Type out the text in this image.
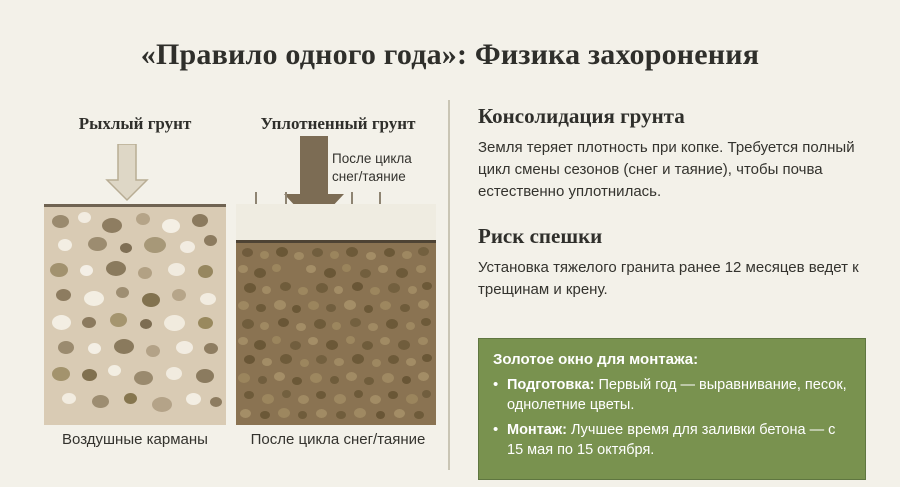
«Правило одного года»: Физика захоронения
Рыхлый грунт	Уплотненный грунт
После цикла снег/таяние
Воздушные карманы	После цикла снег/таяние
Консолидация грунта

Земля теряет плотность при копке. Требуется полный цикл смены сезонов (снег и таяние), чтобы почва естественно уплотнилась.

Риск спешки

Установка тяжелого гранита ранее 12 месяцев ведет к трещинам и крену.

Золотое окно для монтажа:
• Подготовка: Первый год — выравнивание, песок, однолетние цветы.
• Монтаж: Лучшее время для заливки бетона — с 15 мая по 15 октября.
